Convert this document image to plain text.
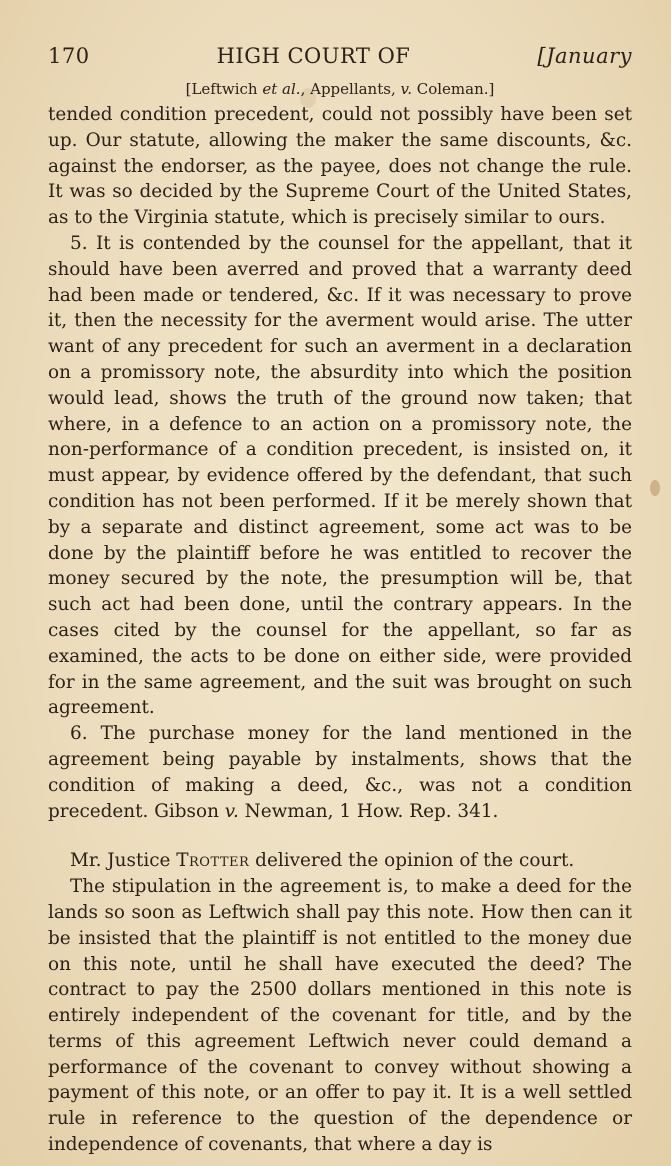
170	HIGH COURT OF	[January
[Leftwich et al., Appellants, v. Coleman.]

tended condition precedent, could not possibly have been set up. Our statute, allowing the maker the same discounts, &c. against the endorser, as the payee, does not change the rule. It was so decided by the Supreme Court of the United States, as to the Virginia statute, which is precisely similar to ours.

5. It is contended by the counsel for the appellant, that it should have been averred and proved that a warranty deed had been made or tendered, &c. If it was necessary to prove it, then the necessity for the averment would arise. The utter want of any precedent for such an averment in a declaration on a promissory note, the absurdity into which the position would lead, shows the truth of the ground now taken; that where, in a defence to an action on a promissory note, the non-performance of a condition precedent, is insisted on, it must appear, by evidence offered by the defendant, that such condition has not been performed. If it be merely shown that by a separate and distinct agreement, some act was to be done by the plaintiff before he was entitled to recover the money secured by the note, the presumption will be, that such act had been done, until the contrary appears. In the cases cited by the counsel for the appellant, so far as examined, the acts to be done on either side, were provided for in the same agreement, and the suit was brought on such agreement.

6. The purchase money for the land mentioned in the agreement being payable by instalments, shows that the condition of making a deed, &c., was not a condition precedent. Gibson v. Newman, 1 How. Rep. 341.

Mr. Justice Trotter delivered the opinion of the court.

The stipulation in the agreement is, to make a deed for the lands so soon as Leftwich shall pay this note. How then can it be insisted that the plaintiff is not entitled to the money due on this note, until he shall have executed the deed? The contract to pay the 2500 dollars mentioned in this note is entirely independent of the covenant for title, and by the terms of this agreement Leftwich never could demand a performance of the covenant to convey without showing a payment of this note, or an offer to pay it. It is a well settled rule in reference to the question of the dependence or independence of covenants, that where a day is
